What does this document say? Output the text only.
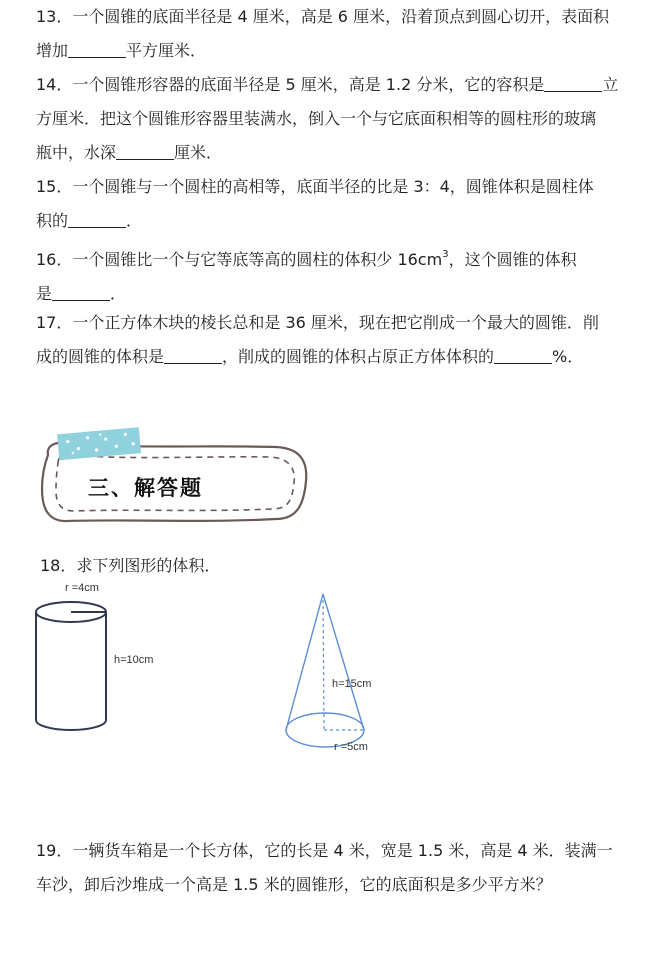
13．一个圆锥的底面半径是 4 厘米，高是 6 厘米，沿着顶点到圆心切开，表面积
增加	平方厘米．
14．一个圆锥形容器的底面半径是 5 厘米，高是 1.2 分米，它的容积是	立
方厘米．把这个圆锥形容器里装满水，倒入一个与它底面积相等的圆柱形的玻璃
瓶中，水深	厘米．
15．一个圆锥与一个圆柱的高相等，底面半径的比是 3：4，圆锥体积是圆柱体
积的	．
16．一个圆锥比一个与它等底等高的圆柱的体积少 $16cm^3$，这个圆锥的体积
是	．
17．一个正方体木块的棱长总和是 36 厘米，现在把它削成一个最大的圆锥．削
成的圆锥的体积是	，削成的圆锥的体积占原正方体体积的	%．
三、解答题
18．求下列图形的体积．
r =4cm
h=10cm
h=15cm
r =5cm
19．一辆货车箱是一个长方体，它的长是 4 米，宽是 1.5 米，高是 4 米．装满一
车沙，卸后沙堆成一个高是 1.5 米的圆锥形，它的底面积是多少平方米？
